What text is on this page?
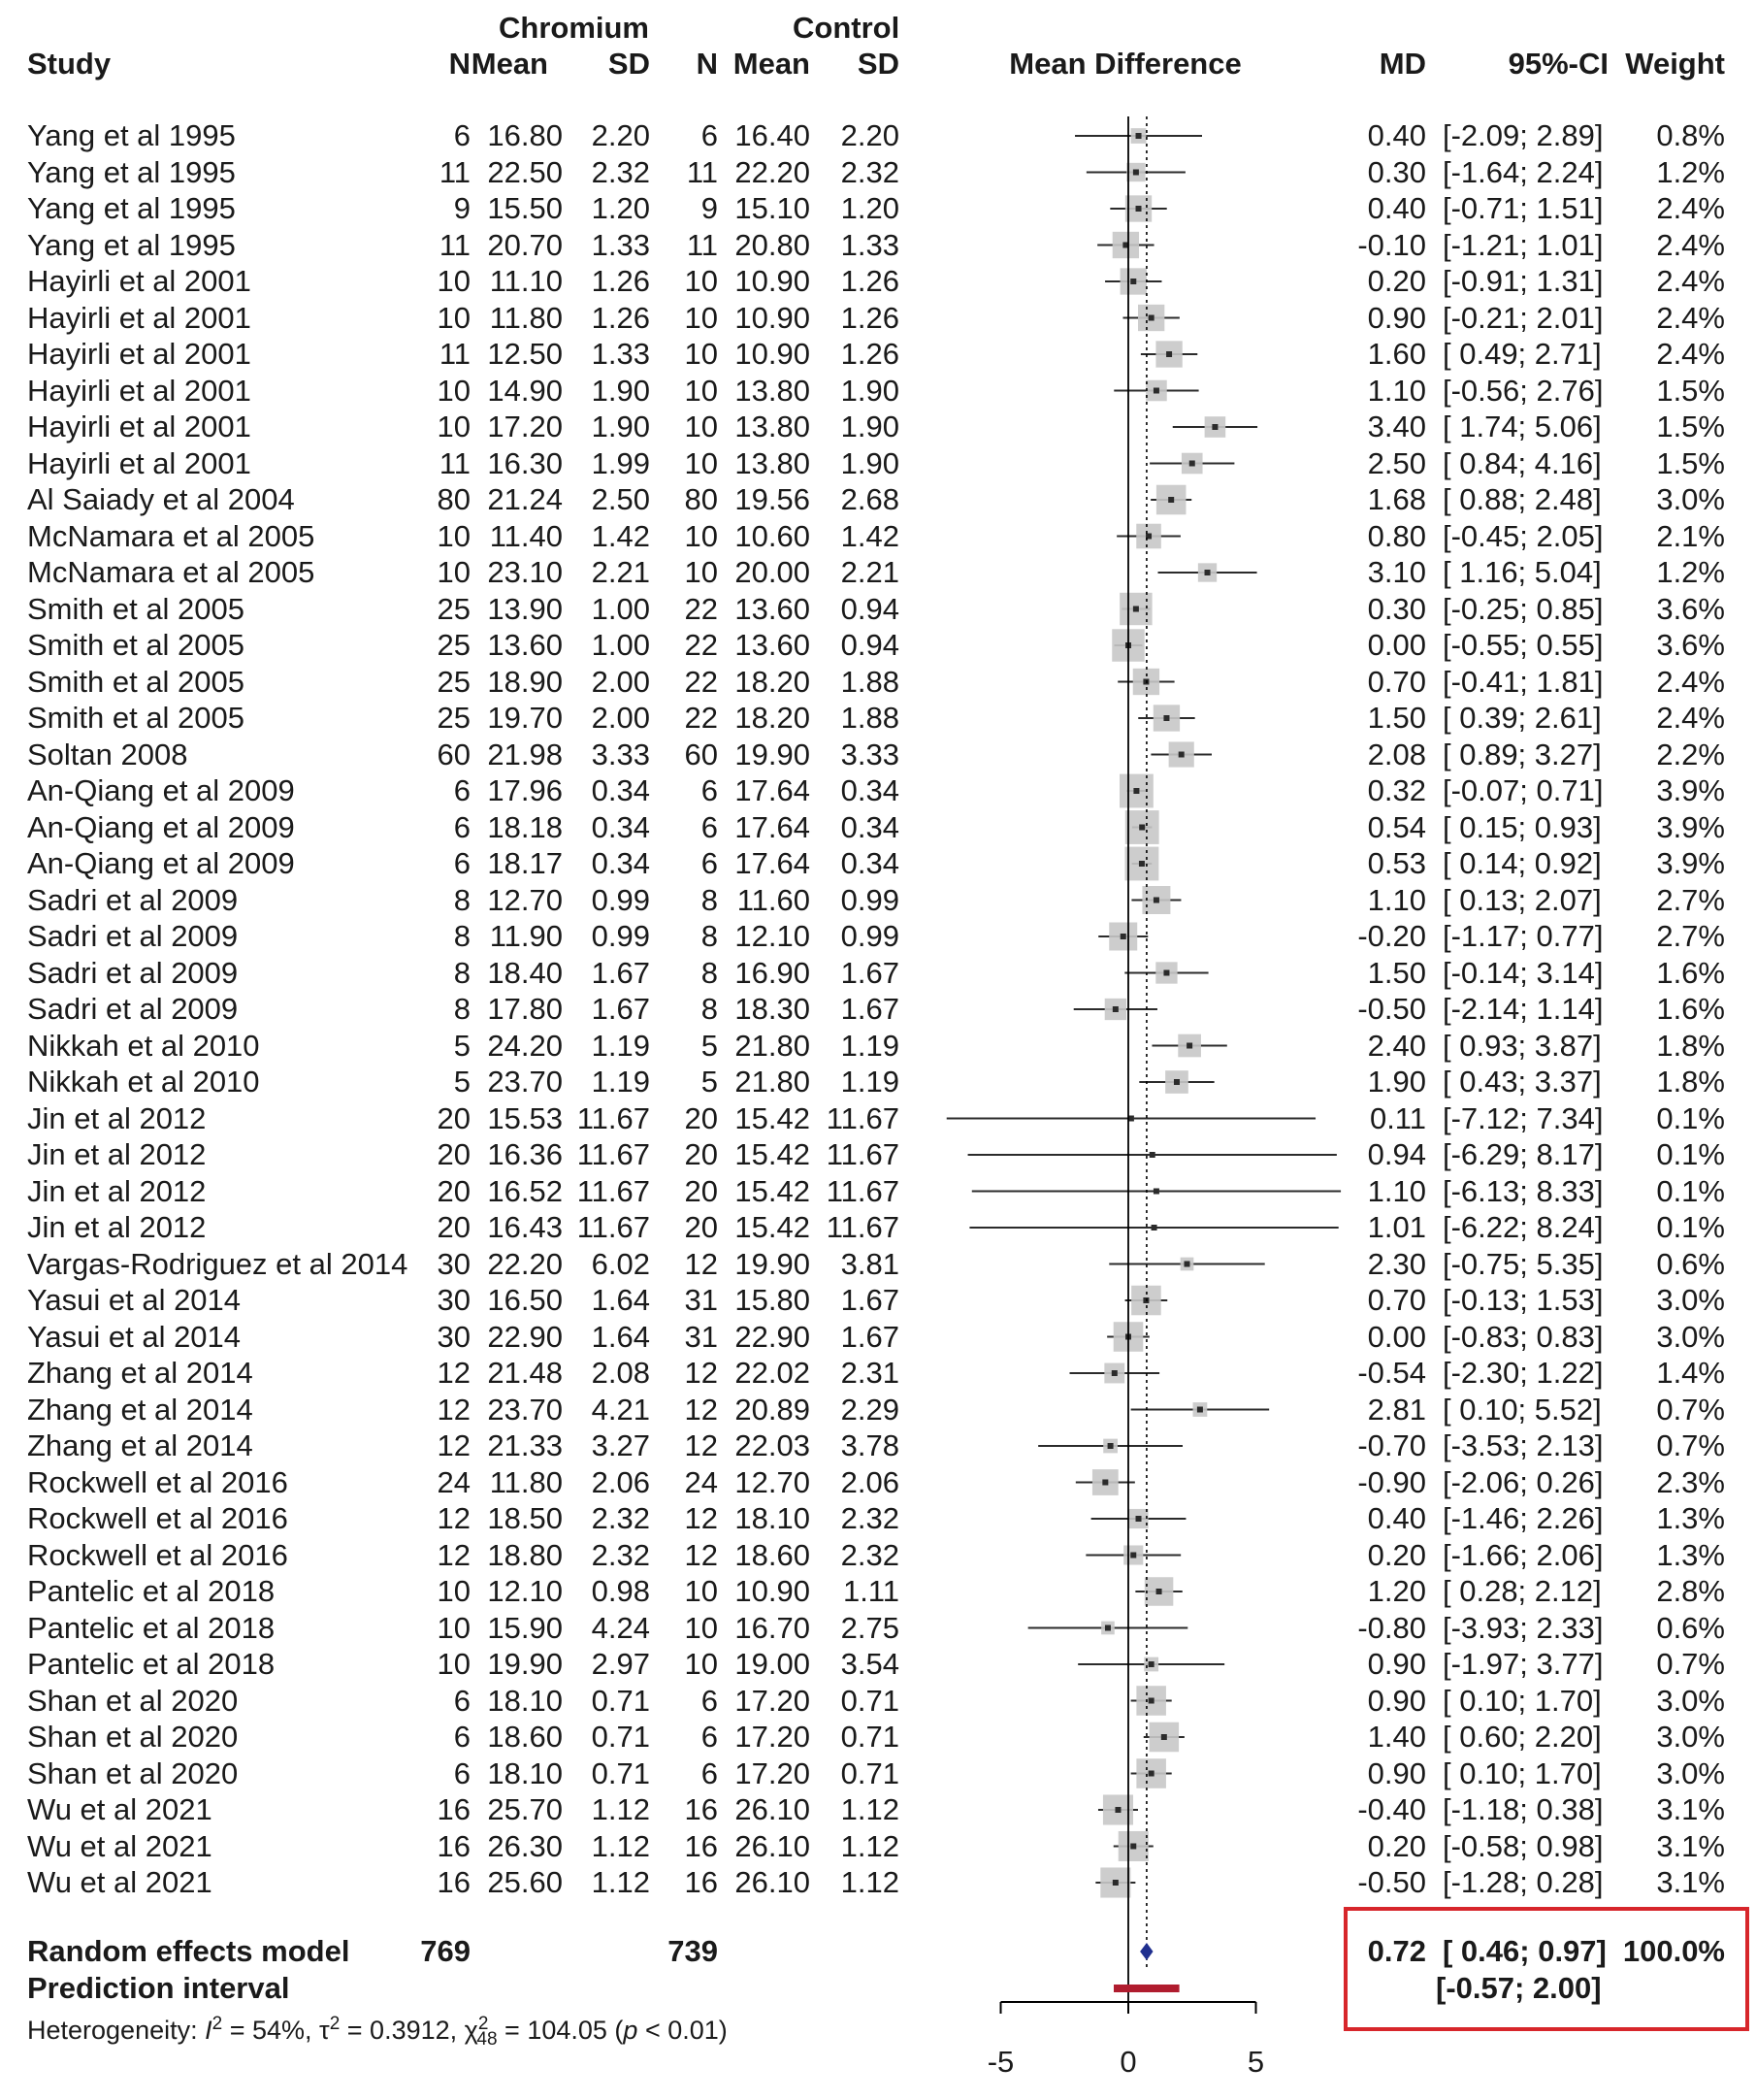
Chromium	Control
Study	N Mean	SD	N Mean	SD	Mean Difference	MD	95%-CI Weight
Yang et al 1995	6 16.80 2.20	6 16.40	2.20	0.40 [-2.09; 2.89]	0.8%
Yang et al 1995	11 22.50 2.32	11 22.20	2.32	0.30 [-1.64; 2.24]	1.2%
Yang et al 1995	9 15.50 1.20	9 15.10	1.20	0.40 [-0.71; 1.51]	2.4%
Yang et al 1995	11 20.70 1.33	11 20.80	1.33	-0.10 [-1.21; 1.01]	2.4%
Hayirli et al 2001	10 11.10 1.26	10 10.90	1.26	0.20 [-0.91; 1.31]	2.4%
Hayirli et al 2001	10 11.80 1.26	10 10.90	1.26	0.90 [-0.21; 2.01]	2.4%
Hayirli et al 2001	11 12.50 1.33	10 10.90	1.26	1.60 [ 0.49; 2.71]	2.4%
Hayirli et al 2001	10 14.90 1.90	10 13.80	1.90	1.10 [-0.56; 2.76]	1.5%
Hayirli et al 2001	10 17.20 1.90	10 13.80	1.90	3.40 [ 1.74; 5.06]	1.5%
Hayirli et al 2001	11 16.30 1.99	10 13.80	1.90	2.50 [ 0.84; 4.16]	1.5%
Al Saiady et al 2004	80 21.24 2.50	80 19.56	2.68	1.68 [ 0.88; 2.48]	3.0%
McNamara et al 2005	10 11.40 1.42	10 10.60	1.42	0.80 [-0.45; 2.05]	2.1%
McNamara et al 2005	10 23.10 2.21	10 20.00	2.21	3.10 [ 1.16; 5.04]	1.2%
Smith et al 2005	25 13.90 1.00	22 13.60	0.94	0.30 [-0.25; 0.85]	3.6%
Smith et al 2005	25 13.60 1.00	22 13.60	0.94	0.00 [-0.55; 0.55]	3.6%
Smith et al 2005	25 18.90 2.00	22 18.20	1.88	0.70 [-0.41; 1.81]	2.4%
Smith et al 2005	25 19.70 2.00	22 18.20	1.88	1.50 [ 0.39; 2.61]	2.4%
Soltan 2008	60 21.98 3.33	60 19.90	3.33	2.08 [ 0.89; 3.27]	2.2%
An-Qiang et al 2009	6 17.96 0.34	6 17.64	0.34	0.32 [-0.07; 0.71]	3.9%
An-Qiang et al 2009	6 18.18 0.34	6 17.64	0.34	0.54 [ 0.15; 0.93]	3.9%
An-Qiang et al 2009	6 18.17 0.34	6 17.64	0.34	0.53 [ 0.14; 0.92]	3.9%
Sadri et al 2009	8 12.70 0.99	8 11.60	0.99	1.10 [ 0.13; 2.07]	2.7%
Sadri et al 2009	8 11.90 0.99	8 12.10	0.99	-0.20 [-1.17; 0.77]	2.7%
Sadri et al 2009	8 18.40 1.67	8 16.90	1.67	1.50 [-0.14; 3.14]	1.6%
Sadri et al 2009	8 17.80 1.67	8 18.30	1.67	-0.50 [-2.14; 1.14]	1.6%
Nikkah et al 2010	5 24.20 1.19	5 21.80	1.19	2.40 [ 0.93; 3.87]	1.8%
Nikkah et al 2010	5 23.70 1.19	5 21.80	1.19	1.90 [ 0.43; 3.37]	1.8%
Jin et al 2012	20 15.53 11.67	20 15.42 11.67	0.11 [-7.12; 7.34]	0.1%
Jin et al 2012	20 16.36 11.67	20 15.42 11.67	0.94 [-6.29; 8.17]	0.1%
Jin et al 2012	20 16.52 11.67	20 15.42 11.67	1.10 [-6.13; 8.33]	0.1%
Jin et al 2012	20 16.43 11.67	20 15.42 11.67	1.01 [-6.22; 8.24]	0.1%
Vargas-Rodriguez et al 2014 30 22.20 6.02	12 19.90	3.81	2.30 [-0.75; 5.35]	0.6%
Yasui et al 2014	30 16.50 1.64	31 15.80	1.67	0.70 [-0.13; 1.53]	3.0%
Yasui et al 2014	30 22.90 1.64	31 22.90	1.67	0.00 [-0.83; 0.83]	3.0%
Zhang et al 2014	12 21.48 2.08	12 22.02	2.31	-0.54 [-2.30; 1.22]	1.4%
Zhang et al 2014	12 23.70 4.21	12 20.89	2.29	2.81 [ 0.10; 5.52]	0.7%
Zhang et al 2014	12 21.33 3.27	12 22.03	3.78	-0.70 [-3.53; 2.13]	0.7%
Rockwell et al 2016	24 11.80 2.06	24 12.70	2.06	-0.90 [-2.06; 0.26]	2.3%
Rockwell et al 2016	12 18.50 2.32	12 18.10	2.32	0.40 [-1.46; 2.26]	1.3%
Rockwell et al 2016	12 18.80 2.32	12 18.60	2.32	0.20 [-1.66; 2.06]	1.3%
Pantelic et al 2018	10 12.10 0.98	10 10.90	1.11	1.20 [ 0.28; 2.12]	2.8%
Pantelic et al 2018	10 15.90 4.24	10 16.70	2.75	-0.80 [-3.93; 2.33]	0.6%
Pantelic et al 2018	10 19.90 2.97	10 19.00	3.54	0.90 [-1.97; 3.77]	0.7%
Shan et al 2020	6 18.10 0.71	6 17.20	0.71	0.90 [ 0.10; 1.70]	3.0%
Shan et al 2020	6 18.60 0.71	6 17.20	0.71	1.40 [ 0.60; 2.20]	3.0%
Shan et al 2020	6 18.10 0.71	6 17.20	0.71	0.90 [ 0.10; 1.70]	3.0%
Wu et al 2021	16 25.70 1.12	16 26.10	1.12	-0.40 [-1.18; 0.38]	3.1%
Wu et al 2021	16 26.30 1.12	16 26.10	1.12	0.20 [-0.58; 0.98]	3.1%
Wu et al 2021	16 25.60 1.12	16 26.10	1.12	-0.50 [-1.28; 0.28]	3.1%
Random effects model	769	739	0.72 [ 0.46; 0.97] 100.0%
Prediction interval	[-0.57; 2.00]
Heterogeneity: $I^2 = 54\%$, $\tau^2 = 0.3912$, $\chi^2_{48} = 104.05$ (p < 0.01)
-5	0	5
